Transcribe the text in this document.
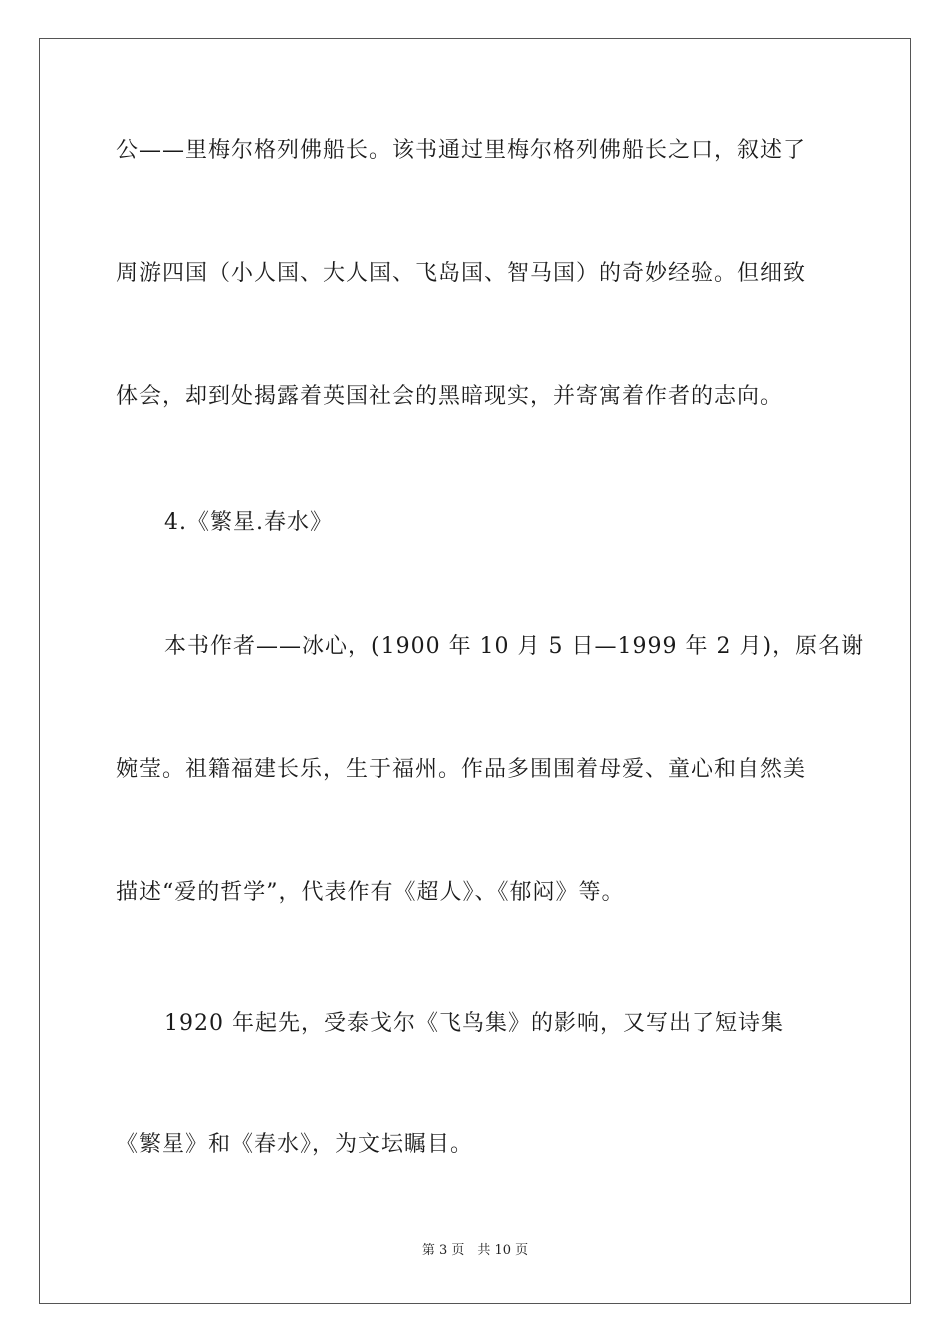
公——里梅尔格列佛船长。该书通过里梅尔格列佛船长之口，叙述了
周游四国（小人国、大人国、飞岛国、智马国）的奇妙经验。但细致
体会，却到处揭露着英国社会的黑暗现实，并寄寓着作者的志向。
4.《繁星.春水》
本书作者——冰心，(1900 年 10 月 5 日—1999 年 2 月)，原名谢
婉莹。祖籍福建长乐，生于福州。作品多围围着母爱、童心和自然美
描述“爱的哲学”，代表作有《超人》、《郁闷》等。
1920 年起先，受泰戈尔《飞鸟集》的影响，又写出了短诗集
《繁星》和《春水》，为文坛瞩目。
第 3 页　共 10 页
